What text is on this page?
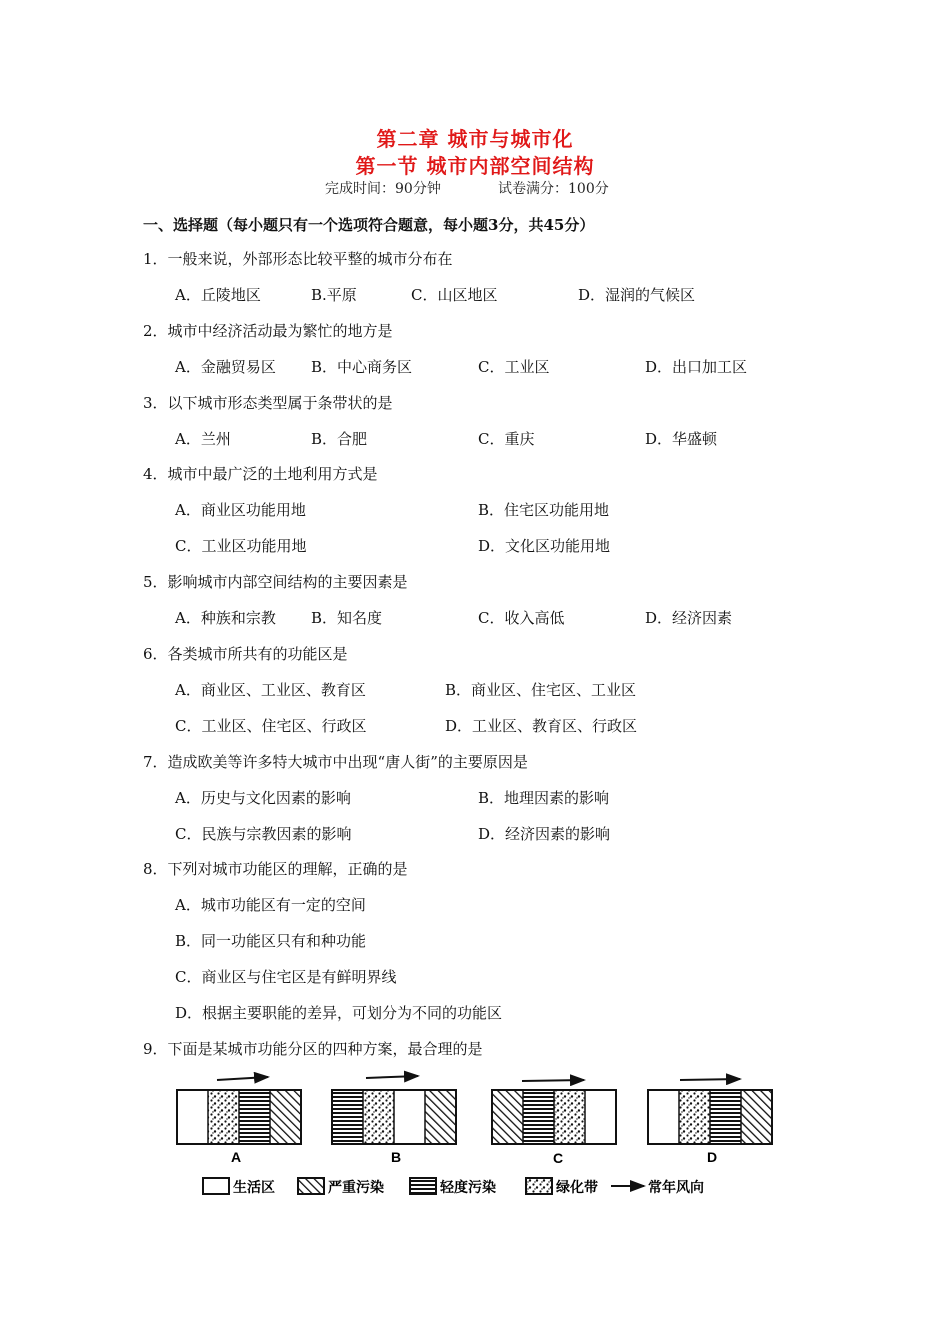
第二章 城市与城市化
第一节 城市内部空间结构
完成时间：90分钟	试卷满分：100分
一、选择题（每小题只有一个选项符合题意，每小题3分，共45分）
1．一般来说，外部形态比较平整的城市分布在
A．丘陵地区	B.平原	C．山区地区	D．湿润的气候区
2．城市中经济活动最为繁忙的地方是
A．金融贸易区 B．中心商务区	C．工业区	D．出口加工区
3．以下城市形态类型属于条带状的是
A．兰州	B．合肥	C．重庆	D．华盛顿
4．城市中最广泛的土地利用方式是
A．商业区功能用地	B．住宅区功能用地
C．工业区功能用地	D．文化区功能用地
5．影响城市内部空间结构的主要因素是
A．种族和宗教 B．知名度	C．收入高低	D．经济因素
6．各类城市所共有的功能区是
A．商业区、工业区、教育区	B．商业区、住宅区、工业区
C．工业区、住宅区、行政区	D．工业区、教育区、行政区
7．造成欧美等许多特大城市中出现“唐人街”的主要原因是
A．历史与文化因素的影响	B．地理因素的影响
C．民族与宗教因素的影响	D．经济因素的影响
8．下列对城市功能区的理解，正确的是
A．城市功能区有一定的空间
B．同一功能区只有和种功能
C．商业区与住宅区是有鲜明界线
D．根据主要职能的差异，可划分为不同的功能区
9．下面是某城市功能分区的四种方案，最合理的是
A	B	C	D
生活区	严重污染	轻度污染	绿化带	常年风向
